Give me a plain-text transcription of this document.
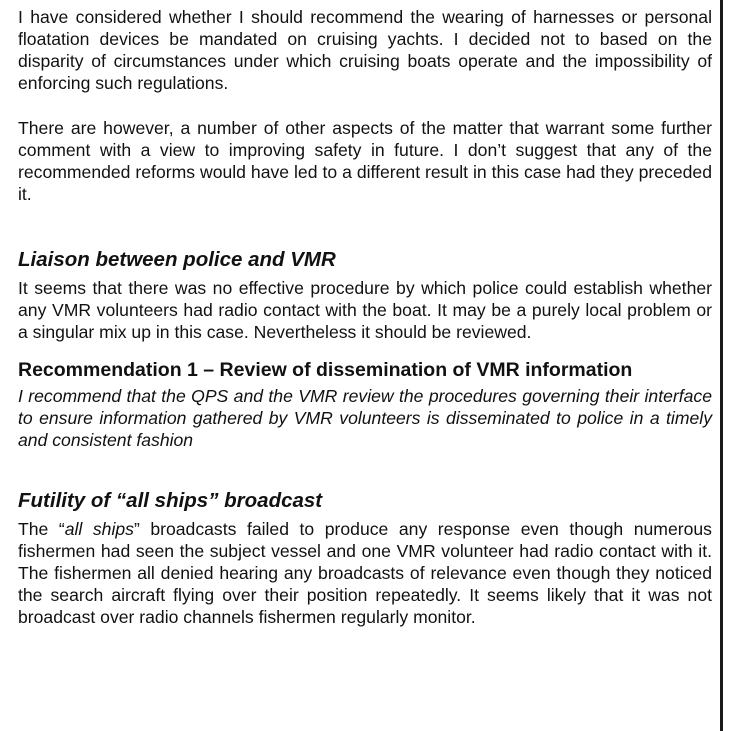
I have considered whether I should recommend the wearing of harnesses or personal floatation devices be mandated on cruising yachts. I decided not to based on the disparity of circumstances under which cruising boats operate and the impossibility of enforcing such regulations.

There are however, a number of other aspects of the matter that warrant some further comment with a view to improving safety in future. I don’t suggest that any of the recommended reforms would have led to a different result in this case had they preceded it.

Liaison between police and VMR

It seems that there was no effective procedure by which police could establish whether any VMR volunteers had radio contact with the boat. It may be a purely local problem or a singular mix up in this case. Nevertheless it should be reviewed.

Recommendation 1 – Review of dissemination of VMR information

I recommend that the QPS and the VMR review the procedures governing their interface to ensure information gathered by VMR volunteers is disseminated to police in a timely and consistent fashion

Futility of “all ships” broadcast

The “all ships” broadcasts failed to produce any response even though numerous fishermen had seen the subject vessel and one VMR volunteer had radio contact with it. The fishermen all denied hearing any broadcasts of relevance even though they noticed the search aircraft flying over their position repeatedly. It seems likely that it was not broadcast over radio channels fishermen regularly monitor.
